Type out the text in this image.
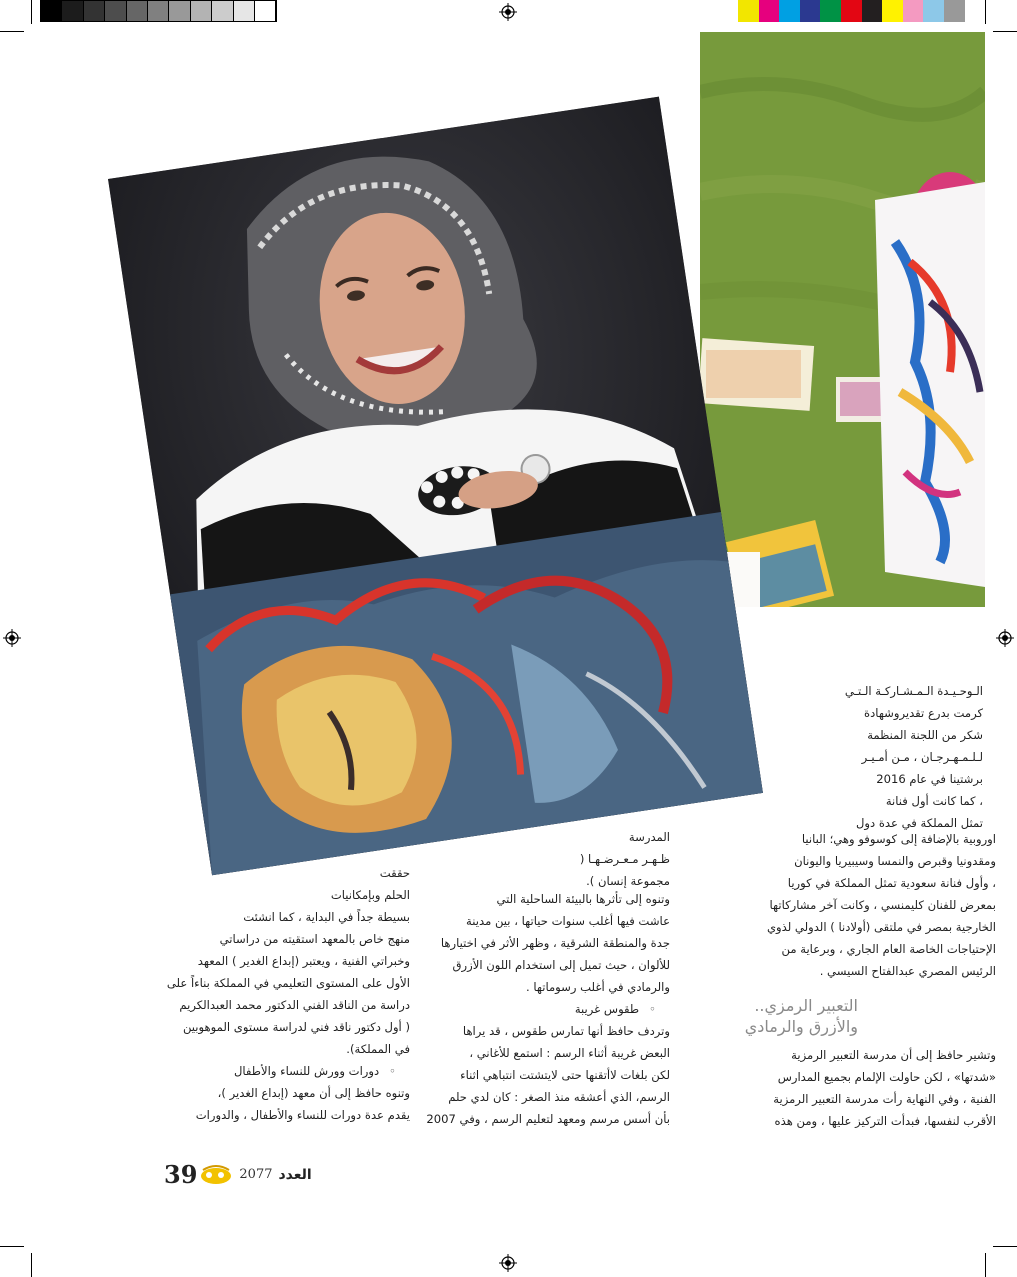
الـوحـيـدة الـمـشـاركـة الـتـي

كرمت بدرع تقديروشهادة

شكر من اللجنة المنظمة

لـلـمـهـرجـان ، مـن أمـيـر

برشتينا في عام 2016

، كما كانت أول فنانة

تمثل المملكة في عدة دول

اوروبية بالإضافة إلى كوسوفو وهي؛ البانيا

ومقدونيا وقبرص والنمسا وسيبيريا واليونان

، وأول فنانة سعودية تمثل المملكة في كوريا

بمعرض للفنان كليمنسي ، وكانت آخر مشاركاتها

الخارجية بمصر في ملتقى (أولادنا ) الدولي لذوي

الإحتياجات الخاصة العام الجاري ، وبرعاية من

الرئيس المصري عبدالفتاح السيسي .

التعبير الرمزي..
والأزرق والرمادي

وتشير حافظ إلى أن مدرسة التعبير الرمزية

«شدتها» ، لكن حاولت الإلمام بجميع المدارس

الفنية ، وفي النهاية رأت مدرسة التعبير الرمزية

الأقرب لنفسها، فبدأت التركيز عليها ، ومن هذه

المدرسة

ظـهـر مـعـرضـهـا (

مجموعة إنسان ).

وتنوه إلى تأثرها بالبيئة الساحلية التي

عاشت فيها أغلب سنوات حياتها ، بين مدينة

جدة والمنطقة الشرقية ، وظهر الأثر في اختيارها

للألوان ، حيث تميل إلى استخدام اللون الأزرق

والرمادي في أغلب رسوماتها .

◦ طقوس غريبة

وتردف حافظ أنها تمارس طقوس ، قد يراها

البعض غريبة أثناء الرسم : استمع للأغاني ،

لكن بلغات لاأتقنها حتى لايتشتت انتباهي اثناء

الرسم، الذي أعشقه منذ الصغر : كان لدي حلم

بأن أسس مرسم ومعهد لتعليم الرسم ، وفي 2007

حققت

الحلم وبإمكانيات

بسيطة جداً في البداية ، كما انشئت

منهج خاص بالمعهد استقيته من دراساتي

وخبراتي الفنية ، ويعتبر (إبداع الغدير ) المعهد

الأول على المستوى التعليمي في المملكة بناءاً على

دراسة من الناقد الفني الدكتور محمد العبدالكريم

( أول دكتور ناقد فني لدراسة مستوى الموهوبين

في المملكة).

◦ دورات وورش للنساء والأطفال

وتنوه حافظ إلى أن معهد (إبداع الغدير )،

يقدم عدة دورات للنساء والأطفال ، والدورات

39	2077 العدد
